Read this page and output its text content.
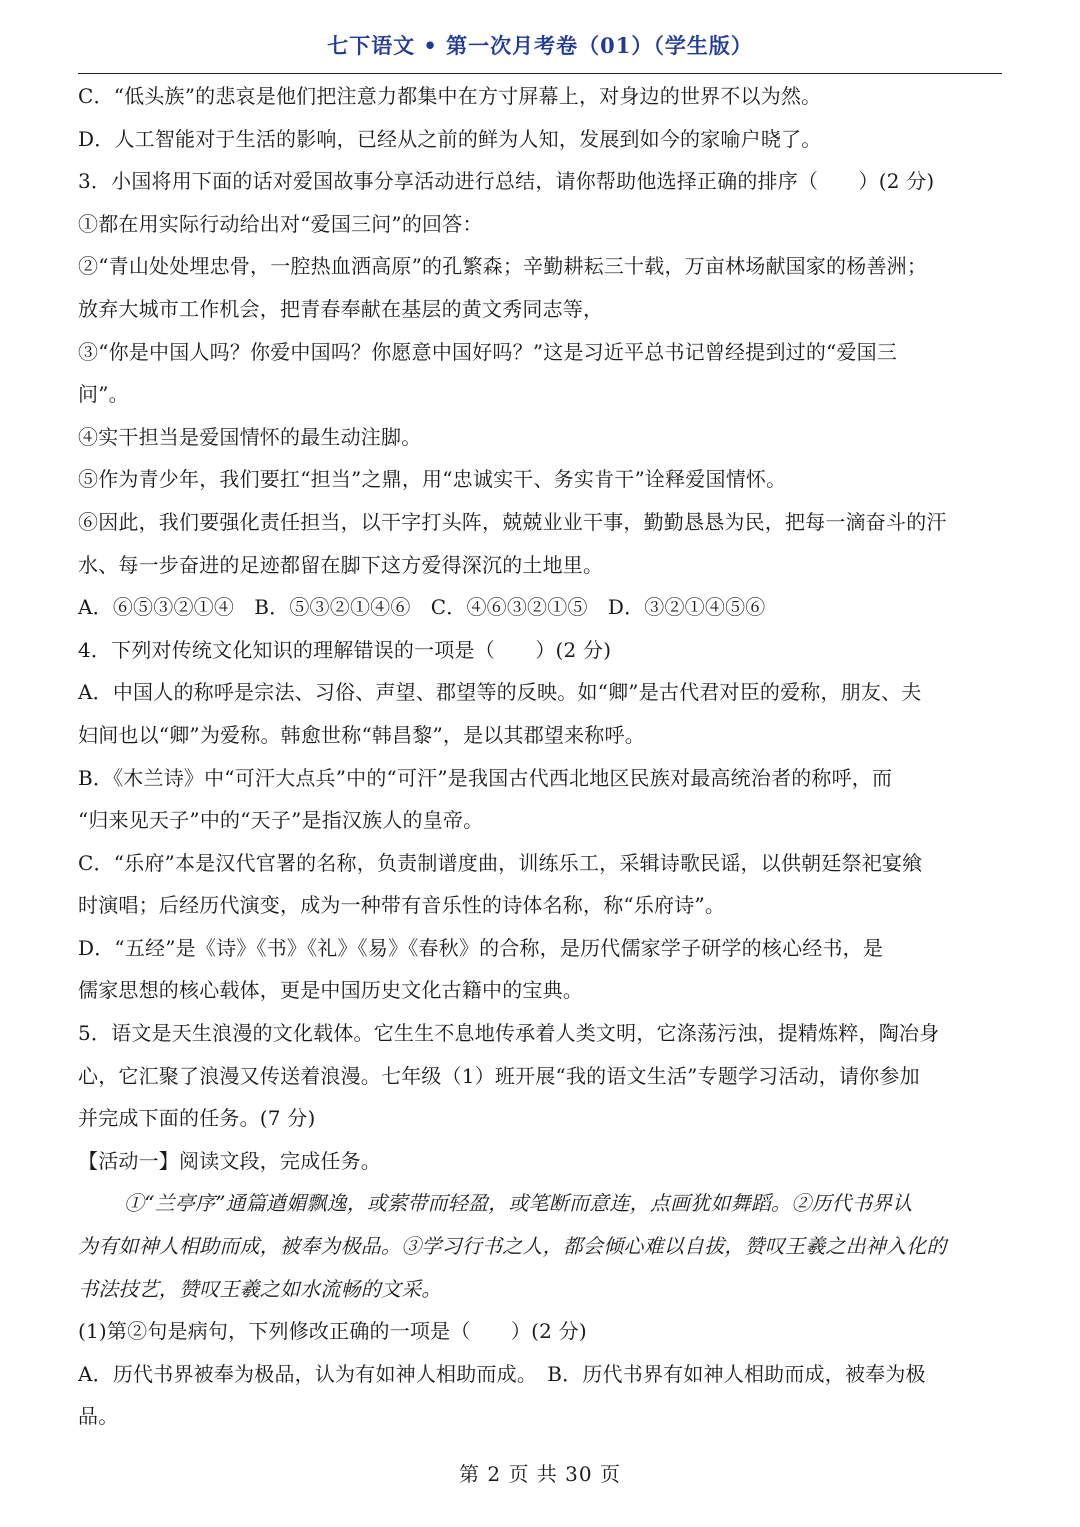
七下语文 • 第一次月考卷（01）（学生版）
C．“低头族”的悲哀是他们把注意力都集中在方寸屏幕上，对身边的世界不以为然。
D．人工智能对于生活的影响，已经从之前的鲜为人知，发展到如今的家喻户晓了。
3．小国将用下面的话对爱国故事分享活动进行总结，请你帮助他选择正确的排序（　　）(2 分)
①都在用实际行动给出对“爱国三问”的回答：
②“青山处处埋忠骨，一腔热血洒高原”的孔繁森；辛勤耕耘三十载，万亩林场献国家的杨善洲；
放弃大城市工作机会，把青春奉献在基层的黄文秀同志等，
③“你是中国人吗？你爱中国吗？你愿意中国好吗？”这是习近平总书记曾经提到过的“爱国三
问”。
④实干担当是爱国情怀的最生动注脚。
⑤作为青少年，我们要扛“担当”之鼎，用“忠诚实干、务实肯干”诠释爱国情怀。
⑥因此，我们要强化责任担当，以干字打头阵，兢兢业业干事，勤勤恳恳为民，把每一滴奋斗的汗
水、每一步奋进的足迹都留在脚下这方爱得深沉的土地里。
A．⑥⑤③②①④　B．⑤③②①④⑥　C．④⑥③②①⑤　D．③②①④⑤⑥
4．下列对传统文化知识的理解错误的一项是（　　）(2 分)
A．中国人的称呼是宗法、习俗、声望、郡望等的反映。如“卿”是古代君对臣的爱称，朋友、夫
妇间也以“卿”为爱称。韩愈世称“韩昌黎”，是以其郡望来称呼。
B．《木兰诗》中“可汗大点兵”中的“可汗”是我国古代西北地区民族对最高统治者的称呼，而
“归来见天子”中的“天子”是指汉族人的皇帝。
C．“乐府”本是汉代官署的名称，负责制谱度曲，训练乐工，采辑诗歌民谣，以供朝廷祭祀宴飨
时演唱；后经历代演变，成为一种带有音乐性的诗体名称，称“乐府诗”。
D．“五经”是《诗》《书》《礼》《易》《春秋》的合称，是历代儒家学子研学的核心经书，是
儒家思想的核心载体，更是中国历史文化古籍中的宝典。
5．语文是天生浪漫的文化载体。它生生不息地传承着人类文明，它涤荡污浊，提精炼粹，陶冶身
心，它汇聚了浪漫又传送着浪漫。七年级（1）班开展“我的语文生活”专题学习活动，请你参加
并完成下面的任务。(7 分)
【活动一】阅读文段，完成任务。
①“兰亭序”通篇遒媚飘逸，或萦带而轻盈，或笔断而意连，点画犹如舞蹈。②历代书界认
为有如神人相助而成，被奉为极品。③学习行书之人，都会倾心难以自拔，赞叹王羲之出神入化的
书法技艺，赞叹王羲之如水流畅的文采。
(1)第②句是病句，下列修改正确的一项是（　　）(2 分)
A．历代书界被奉为极品，认为有如神人相助而成。　B．历代书界有如神人相助而成，被奉为极
品。
第 2 页 共 30 页
